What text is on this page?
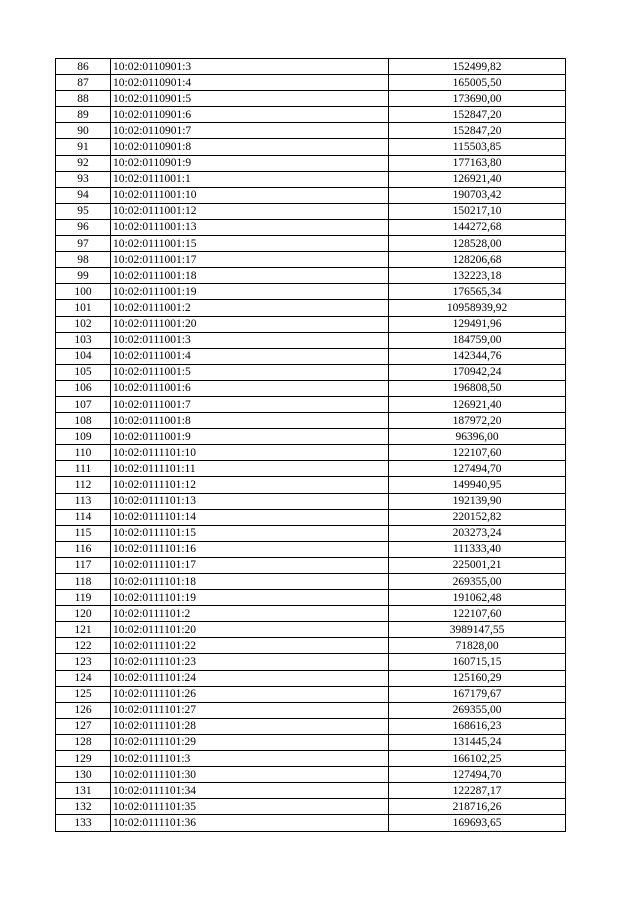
86	10:02:0110901:3	152499,82
87	10:02:0110901:4	165005,50
88	10:02:0110901:5	173690,00
89	10:02:0110901:6	152847,20
90	10:02:0110901:7	152847,20
91	10:02:0110901:8	115503,85
92	10:02:0110901:9	177163,80
93	10:02:0111001:1	126921,40
94	10:02:0111001:10	190703,42
95	10:02:0111001:12	150217,10
96	10:02:0111001:13	144272,68
97	10:02:0111001:15	128528,00
98	10:02:0111001:17	128206,68
99	10:02:0111001:18	132223,18
100	10:02:0111001:19	176565,34
101	10:02:0111001:2	10958939,92
102	10:02:0111001:20	129491,96
103	10:02:0111001:3	184759,00
104	10:02:0111001:4	142344,76
105	10:02:0111001:5	170942,24
106	10:02:0111001:6	196808,50
107	10:02:0111001:7	126921,40
108	10:02:0111001:8	187972,20
109	10:02:0111001:9	96396,00
110	10:02:0111101:10	122107,60
111	10:02:0111101:11	127494,70
112	10:02:0111101:12	149940,95
113	10:02:0111101:13	192139,90
114	10:02:0111101:14	220152,82
115	10:02:0111101:15	203273,24
116	10:02:0111101:16	111333,40
117	10:02:0111101:17	225001,21
118	10:02:0111101:18	269355,00
119	10:02:0111101:19	191062,48
120	10:02:0111101:2	122107,60
121	10:02:0111101:20	3989147,55
122	10:02:0111101:22	71828,00
123	10:02:0111101:23	160715,15
124	10:02:0111101:24	125160,29
125	10:02:0111101:26	167179,67
126	10:02:0111101:27	269355,00
127	10:02:0111101:28	168616,23
128	10:02:0111101:29	131445,24
129	10:02:0111101:3	166102,25
130	10:02:0111101:30	127494,70
131	10:02:0111101:34	122287,17
132	10:02:0111101:35	218716,26
133	10:02:0111101:36	169693,65
